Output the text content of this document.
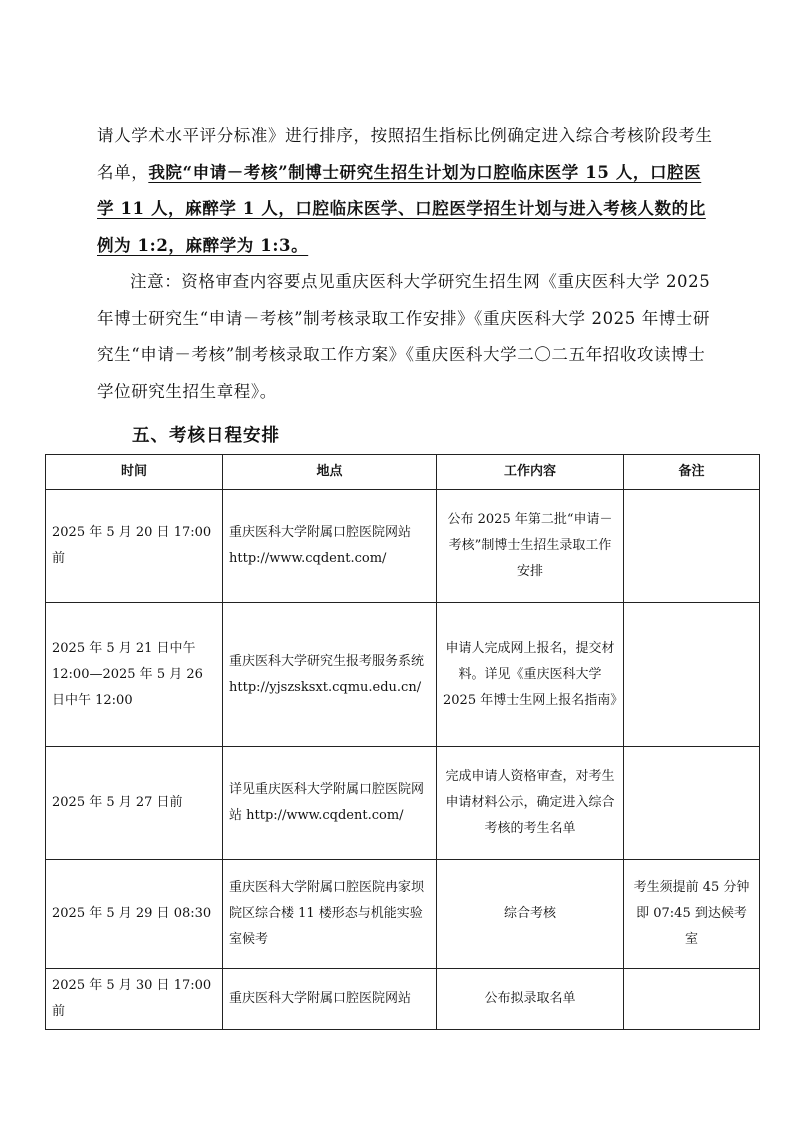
请人学术水平评分标准》进行排序，按照招生指标比例确定进入综合考核阶段考生名单，我院“申请－考核”制博士研究生招生计划为口腔临床医学 15 人，口腔医学 11 人，麻醉学 1 人，口腔临床医学、口腔医学招生计划与进入考核人数的比例为 1:2，麻醉学为 1:3。
注意：资格审查内容要点见重庆医科大学研究生招生网《重庆医科大学 2025 年博士研究生“申请－考核”制考核录取工作安排》《重庆医科大学 2025 年博士研究生“申请－考核”制考核录取工作方案》《重庆医科大学二〇二五年招收攻读博士学位研究生招生章程》。
五、考核日程安排
时间	地点	工作内容	备注
2025 年 5 月 20 日 17:00 前	重庆医科大学附属口腔医院网站 http://www.cqdent.com/	公布 2025 年第二批“申请－考核”制博士生招生录取工作安排	
2025 年 5 月 21 日中午 12:00—2025 年 5 月 26 日中午 12:00	重庆医科大学研究生报考服务系统 http://yjszsksxt.cqmu.edu.cn/	申请人完成网上报名，提交材料。详见《重庆医科大学 2025 年博士生网上报名指南》	
2025 年 5 月 27 日前	详见重庆医科大学附属口腔医院网站 http://www.cqdent.com/	完成申请人资格审查，对考生申请材料公示，确定进入综合考核的考生名单	
2025 年 5 月 29 日 08:30	重庆医科大学附属口腔医院冉家坝院区综合楼 11 楼形态与机能实验室候考	综合考核	考生须提前 45 分钟即 07:45 到达候考室
2025 年 5 月 30 日 17:00 前	重庆医科大学附属口腔医院网站	公布拟录取名单	
